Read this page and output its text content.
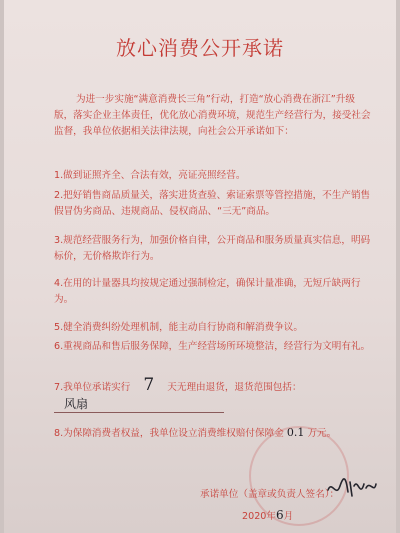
放心消费公开承诺
为进一步实施“满意消费长三角”行动，打造“放心消费在浙江”升级版，落实企业主体责任，优化放心消费环境，规范生产经营行为，接受社会监督，我单位依据相关法律法规，向社会公开承诺如下：
1.做到证照齐全、合法有效，亮证亮照经营。
2.把好销售商品质量关，落实进货查验、索证索票等管控措施，不生产销售假冒伪劣商品、违规商品、侵权商品、“三无”商品。
3.规范经营服务行为，加强价格自律，公开商品和服务质量真实信息，明码标价，无价格欺诈行为。
4.在用的计量器具均按规定通过强制检定，确保计量准确，无短斤缺两行为。
5.健全消费纠纷处理机制，能主动自行协商和解消费争议。
6.重视商品和售后服务保障，生产经营场所环境整洁，经营行为文明有礼。
7.我单位承诺实行 7 天无理由退货，退货范围包括： 风扇
8.为保障消费者权益，我单位设立消费维权赔付保障金 0.1 万元。
承诺单位（盖章或负责人签名）：
2020年6月
